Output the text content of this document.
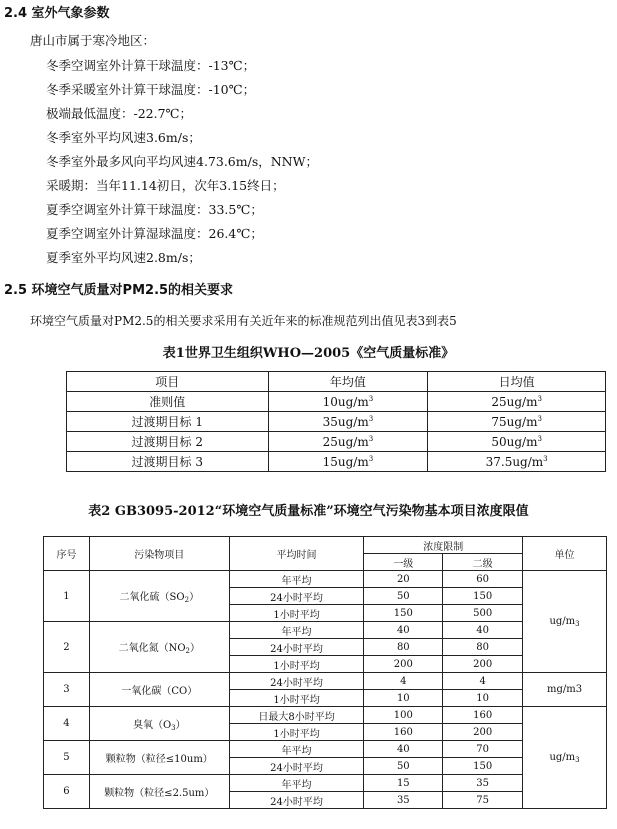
2.4 室外气象参数
唐山市属于寒冷地区：
冬季空调室外计算干球温度：-13℃；
冬季采暖室外计算干球温度：-10℃；
极端最低温度：-22.7℃；
冬季室外平均风速3.6m/s；
冬季室外最多风向平均风速4.73.6m/s，NNW；
采暖期：当年11.14初日，次年3.15终日；
夏季空调室外计算干球温度：33.5℃；
夏季空调室外计算湿球温度：26.4℃；
夏季室外平均风速2.8m/s；
2.5 环境空气质量对PM2.5的相关要求
环境空气质量对PM2.5的相关要求采用有关近年来的标准规范列出值见表3到表5
表1世界卫生组织WHO—2005《空气质量标准》
项目	年均值	日均值
准则值	$10ug/m^3$	$25ug/m^3$
过渡期目标 1	$35ug/m^3$	$75ug/m^3$
过渡期目标 2	$25ug/m^3$	$50ug/m^3$
过渡期目标 3	$15ug/m^3$	$37.5ug/m^3$
表2 GB3095-2012“环境空气质量标准”环境空气污染物基本项目浓度限值
序号	污染物项目	平均时间	浓度限制		单位
			一级	二级	
1	二氧化硫$(SO_2)$	年平均	20	60	$ug/m_3$
		24小时平均	50	150	
		1小时平均	150	500	
2	二氧化氮$(NO_2)$	年平均	40	40	
		24小时平均	80	80	
		1小时平均	200	200	
3	一氧化碳（CO）	24小时平均	4	4	mg/m3
		1小时平均	10	10	
4	臭氧$(O_3)$	日最大8小时平均	100	160	$ug/m_3$
		1小时平均	160	200	
5	颗粒物（粒径≤10um）	年平均	40	70	
		24小时平均	50	150	
6	颗粒物（粒径≤2.5um）	年平均	15	35	
		24小时平均	35	75	
